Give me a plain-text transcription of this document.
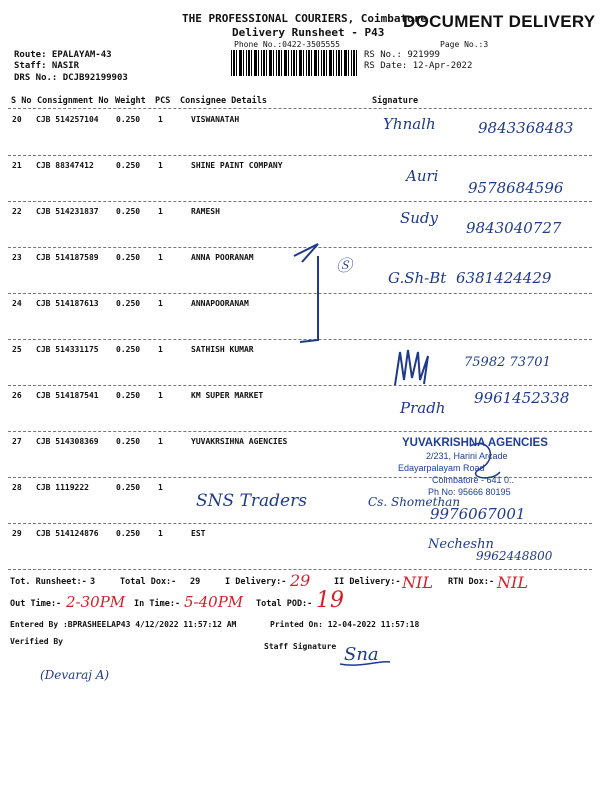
THE PROFESSIONAL COURIERS, Coimbatore
DOCUMENT DELIVERY
Delivery Runsheet - P43
Phone No.:0422-3505555	Page No.:3
Route: EPALAYAM-43
Staff: NASIR
DRS No.: DCJB92199903
RS No.: 921999
RS Date: 12-Apr-2022
S No Consignment No Weight PCS Consignee Details	Signature
20 CJB 514257104 0.250 1	VISWANATAH	Yhnalh	9843368483
21 CJB 88347412	0.250 1	SHINE PAINT COMPANY
Auri
9578684596
22 CJB 514231837 0.250 1	RAMESH	Sudy
9843040727
23 CJB 514187589 0.250 1	ANNA POORANAM
G.Sh-Bt 6381424429
Ⓢ
24 CJB 514187613 0.250 1	ANNAPOORANAM
25 CJB 514331175 0.250 1	SATHISH KUMAR
75982 73701
26 CJB 514187541 0.250 1	KM SUPER MARKET
Pradh
9961452338
27 CJB 514308369 0.250 1	YUVAKRSIHNA AGENCIES
28 CJB 1119222	0.250 1
SNS Traders	Cs. Shomethan
9976067001
29 CJB 514124876 0.250 1	EST
Necheshn
9962448800
YUVAKRISHNA AGENCIES
2/231, Harini Arcade
Edayarpalayam Road
Coimbatore - 641 0..
Ph No: 95666 80195
Tot. Runsheet:- 3	Total Dox:- 29	I Delivery:- 29	II Delivery:- NIL RTN Dox:- NIL
Out Time:- 2-30PM In Time:- 5-40PM Total POD:- 19
Entered By :BPRASHEELAP43 4/12/2022 11:57:12 AM	Printed On: 12-04-2022 11:57:18
Verified By
(Devaraj A)
Staff Signature Sna
